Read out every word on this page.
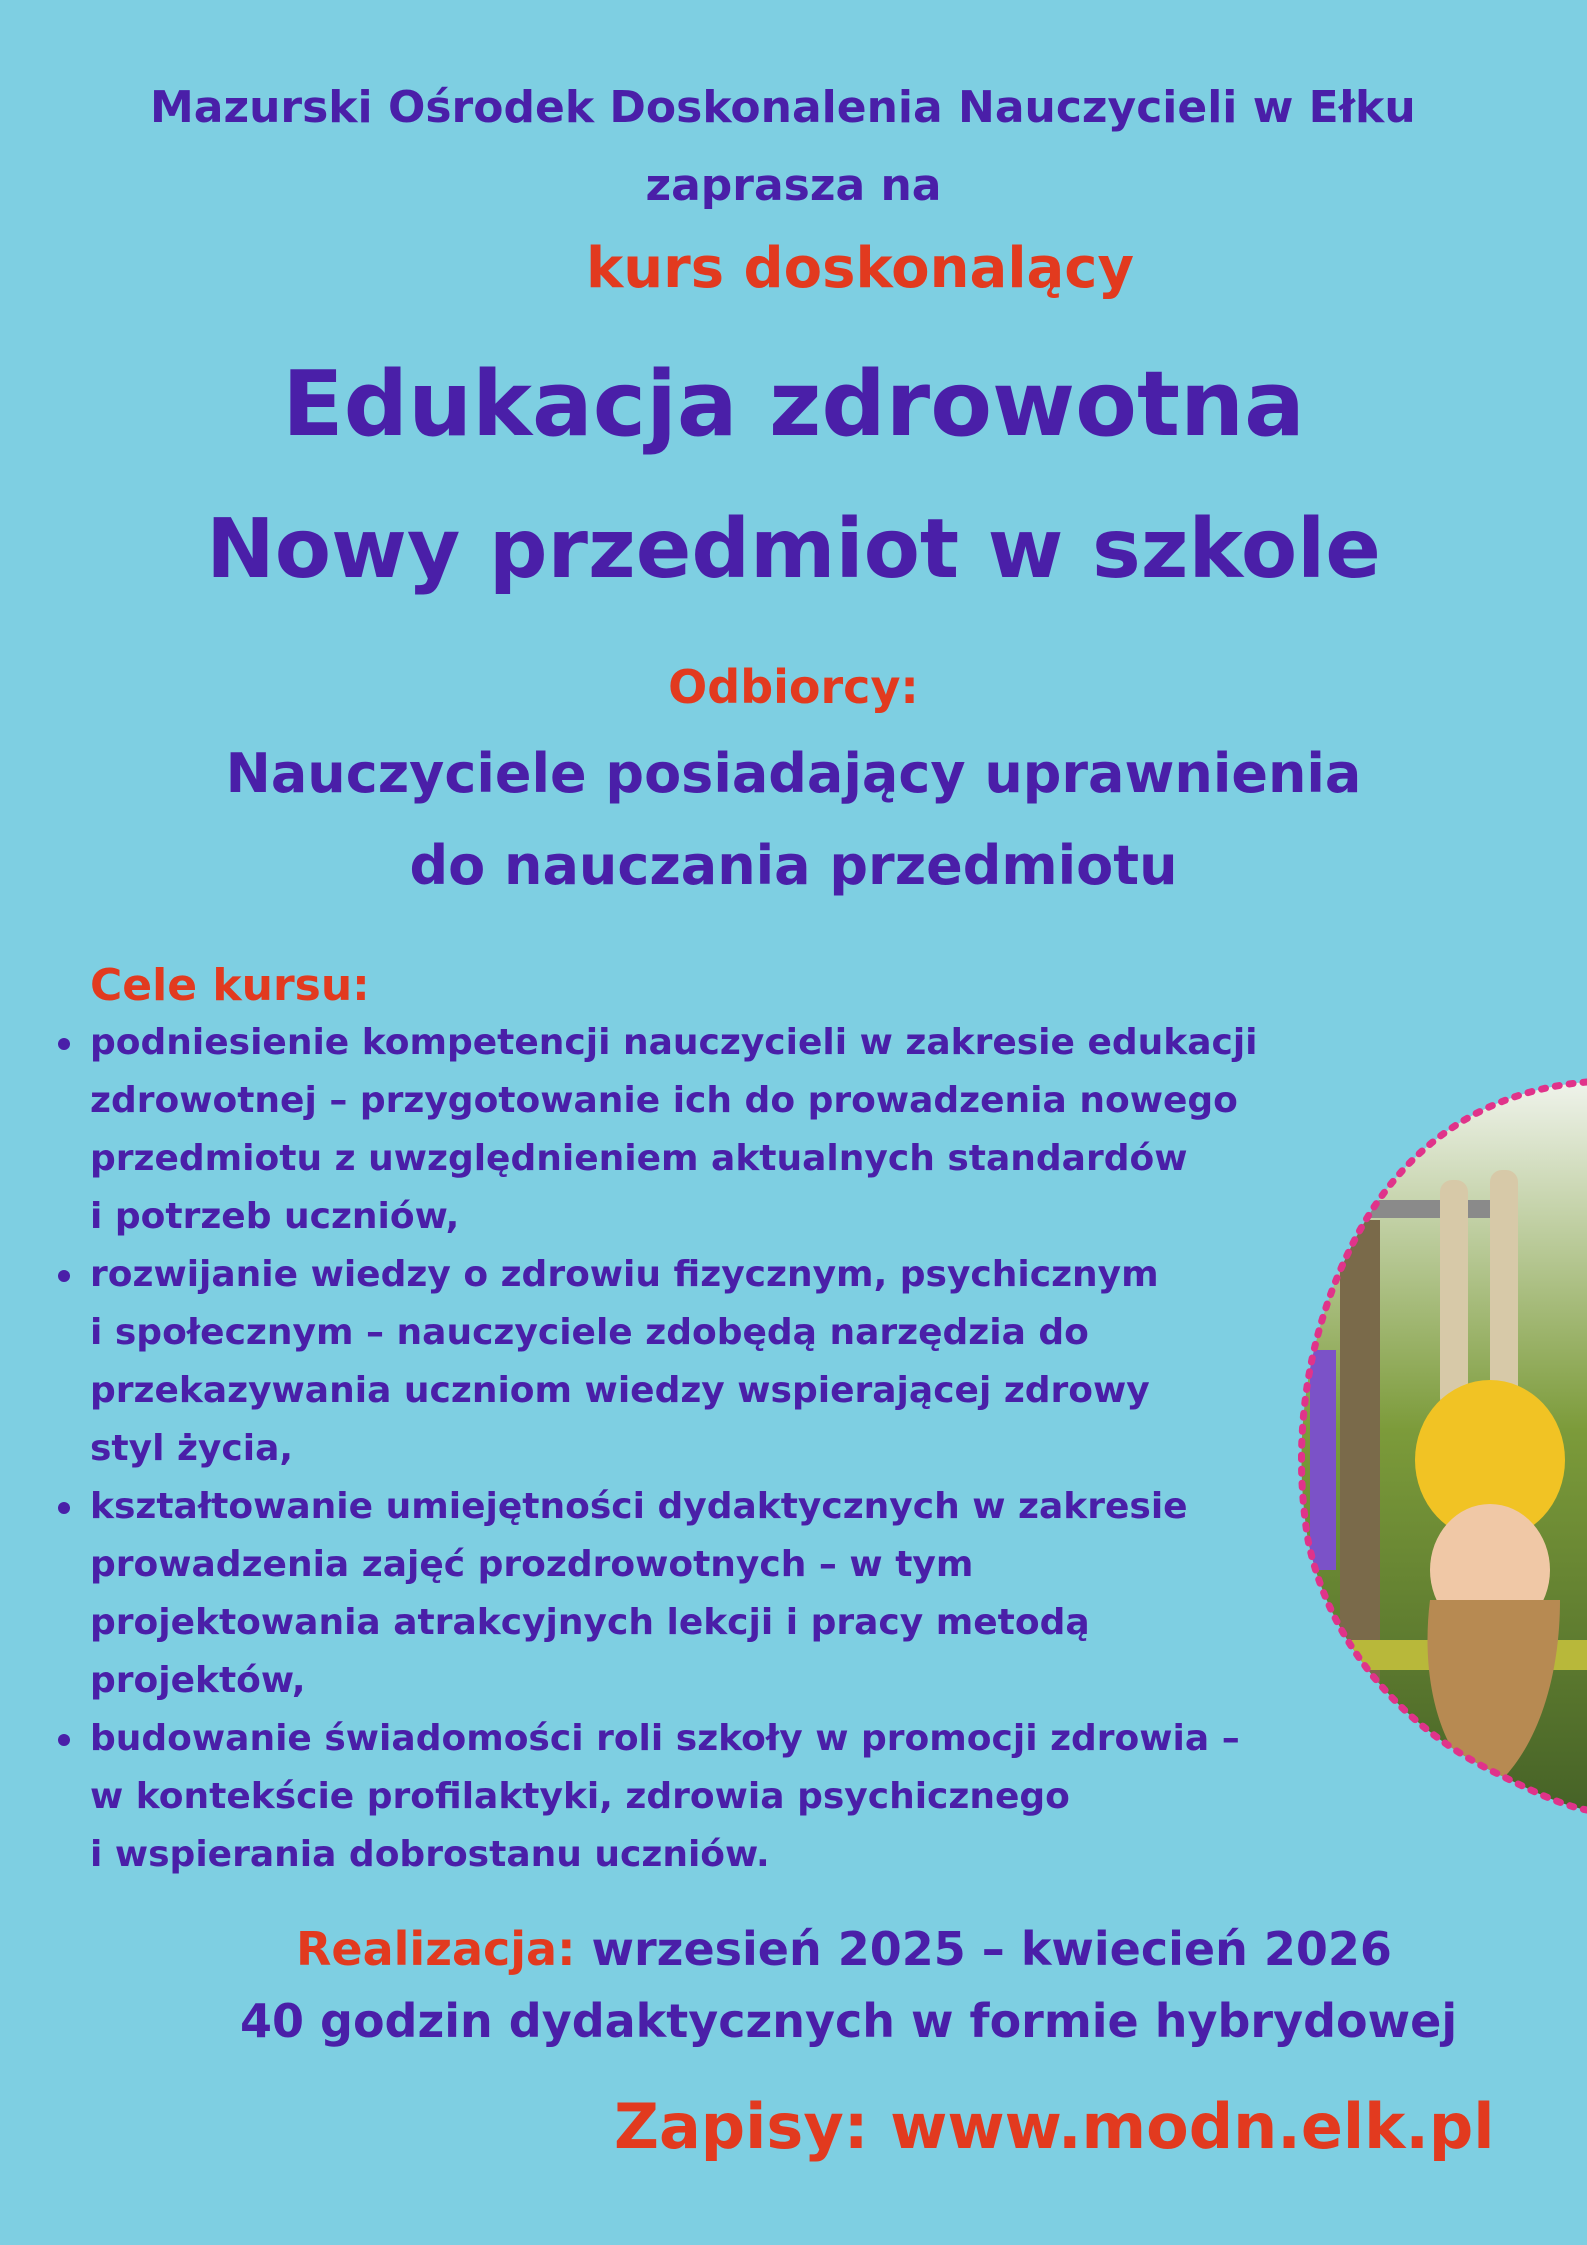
Mazurski Ośrodek Doskonalenia Nauczycieli w Ełku

zaprasza na

kurs doskonalący

Edukacja zdrowotna

Nowy przedmiot w szkole

Odbiorcy:

Nauczyciele posiadający uprawnienia

do nauczania przedmiotu

Cele kursu:

podniesienie kompetencji nauczycieli w zakresie edukacji
zdrowotnej – przygotowanie ich do prowadzenia nowego
przedmiotu z uwzględnieniem aktualnych standardów
i potrzeb uczniów,
rozwijanie wiedzy o zdrowiu fizycznym, psychicznym
i społecznym – nauczyciele zdobędą narzędzia do
przekazywania uczniom wiedzy wspierającej zdrowy
styl życia,
kształtowanie umiejętności dydaktycznych w zakresie
prowadzenia zajęć prozdrowotnych – w tym
projektowania atrakcyjnych lekcji i pracy metodą
projektów,
budowanie świadomości roli szkoły w promocji zdrowia –
w kontekście profilaktyki, zdrowia psychicznego
i wspierania dobrostanu uczniów.

Realizacja: wrzesień 2025 – kwiecień 2026

40 godzin dydaktycznych w formie hybrydowej

Zapisy: www.modn.elk.pl
